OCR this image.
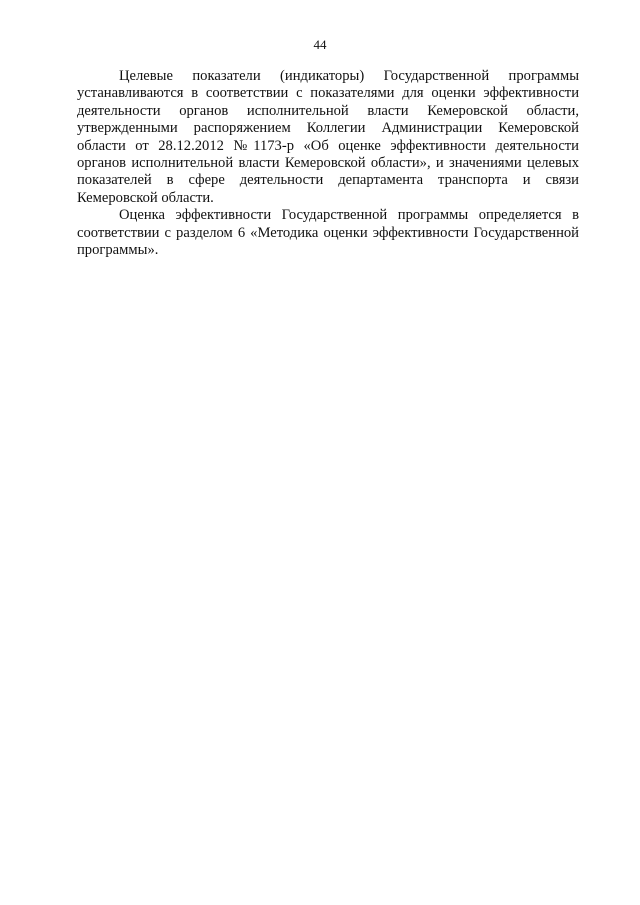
44

Целевые показатели (индикаторы) Государственной программы устанавливаются в соответствии с показателями для оценки эффективности деятельности органов исполнительной власти Кемеровской области, утвержденными распоряжением Коллегии Администрации Кемеровской области от 28.12.2012 №1173-р «Об оценке эффективности деятельности органов исполнительной власти Кемеровской области», и значениями целевых показателей в сфере деятельности департамента транспорта и связи Кемеровской области.

Оценка эффективности Государственной программы определяется в соответствии с разделом 6 «Методика оценки эффективности Государственной программы».
